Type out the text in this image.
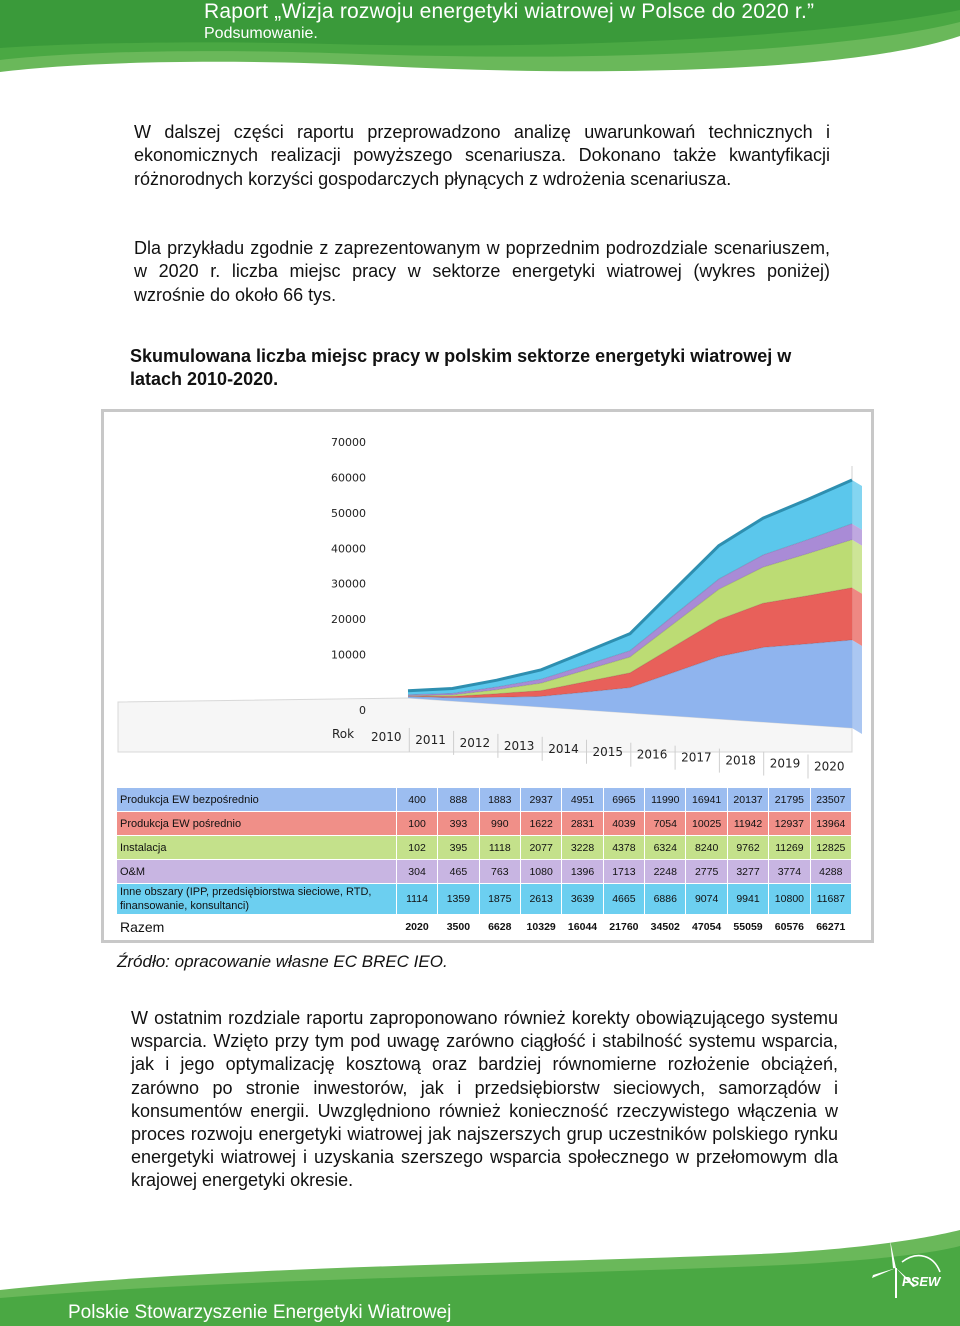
Raport „Wizja rozwoju energetyki wiatrowej w Polsce do 2020 r.”
Podsumowanie.
W dalszej części raportu przeprowadzono analizę uwarunkowań technicznych i ekonomicznych realizacji powyższego scenariusza. Dokonano także kwantyfikacji różnorodnych korzyści gospodarczych płynących z wdrożenia scenariusza.
Dla przykładu zgodnie z zaprezentowanym w poprzednim podrozdziale scenariuszem, w 2020 r. liczba miejsc pracy w sektorze energetyki wiatrowej (wykres poniżej) wzrośnie do około 66 tys.
Skumulowana liczba miejsc pracy w polskim sektorze energetyki wiatrowej w latach 2010-2020.
0
10000
20000
30000
40000
50000
60000
70000
Rok 2010 2011 2012 2013 2014 2015 2016 2017 2018 2019 2020
Produkcja EW bezpośrednio	400	888	1883	2937	4951	6965	11990	16941	20137	21795	23507
Produkcja EW pośrednio	100	393	990	1622	2831	4039	7054	10025	11942	12937	13964
Instalacja	102	395	1118	2077	3228	4378	6324	8240	9762	11269	12825
O&M	304	465	763	1080	1396	1713	2248	2775	3277	3774	4288
Inne obszary (IPP, przedsiębiorstwa sieciowe, RTD, finansowanie, konsultanci)	1114	1359	1875	2613	3639	4665	6886	9074	9941	10800	11687
Razem	2020	3500	6628	10329	16044	21760	34502	47054	55059	60576	66271
Źródło: opracowanie własne EC BREC IEO.
W ostatnim rozdziale raportu zaproponowano również korekty obowiązującego systemu wsparcia. Wzięto przy tym pod uwagę zarówno ciągłość i stabilność systemu wsparcia, jak i jego optymalizację kosztową oraz bardziej równomierne rozłożenie obciążeń, zarówno po stronie inwestorów, jak i przedsiębiorstw sieciowych, samorządów i konsumentów energii. Uwzględniono również konieczność rzeczywistego włączenia w proces rozwoju energetyki wiatrowej jak najszerszych grup uczestników polskiego rynku energetyki wiatrowej i uzyskania szerszego wsparcia społecznego w przełomowym dla krajowej energetyki okresie.
Polskie Stowarzyszenie Energetyki Wiatrowej
PSEW
